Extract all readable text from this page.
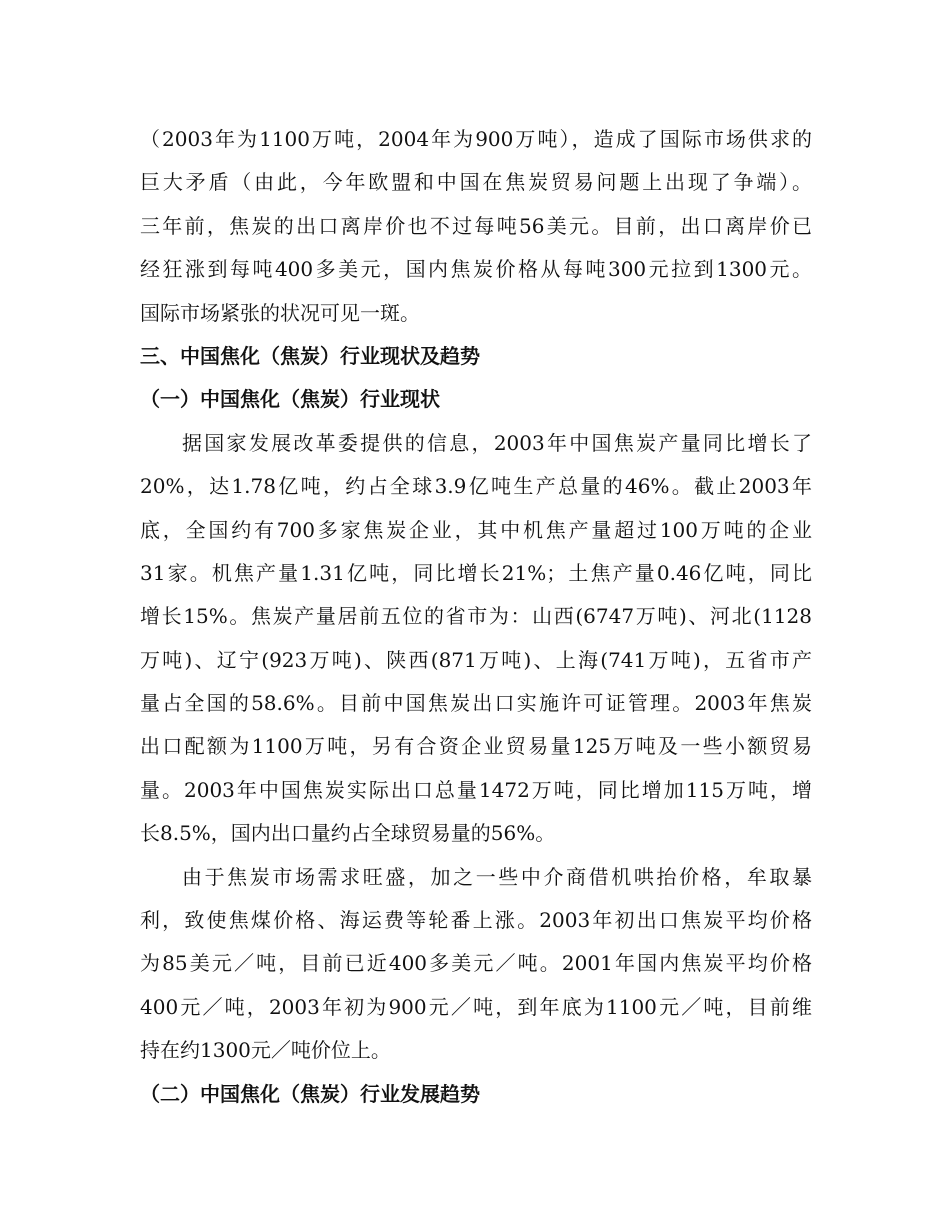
（2003年为1100万吨，2004年为900万吨），造成了国际市场供求的
巨大矛盾（由此，今年欧盟和中国在焦炭贸易问题上出现了争端）。
三年前，焦炭的出口离岸价也不过每吨56美元。目前，出口离岸价已
经狂涨到每吨400多美元，国内焦炭价格从每吨300元拉到1300元。
国际市场紧张的状况可见一斑。
三、中国焦化（焦炭）行业现状及趋势
（一）中国焦化（焦炭）行业现状
据国家发展改革委提供的信息，2003年中国焦炭产量同比增长了
20%，达1.78亿吨，约占全球3.9亿吨生产总量的46%。截止2003年
底，全国约有700多家焦炭企业，其中机焦产量超过100万吨的企业
31家。机焦产量1.31亿吨，同比增长21%；土焦产量0.46亿吨，同比
增长15%。焦炭产量居前五位的省市为：山西(6747万吨)、河北(1128
万吨)、辽宁(923万吨)、陕西(871万吨)、上海(741万吨)，五省市产
量占全国的58.6%。目前中国焦炭出口实施许可证管理。2003年焦炭
出口配额为1100万吨，另有合资企业贸易量125万吨及一些小额贸易
量。2003年中国焦炭实际出口总量1472万吨，同比增加115万吨，增
长8.5%，国内出口量约占全球贸易量的56%。
由于焦炭市场需求旺盛，加之一些中介商借机哄抬价格，牟取暴
利，致使焦煤价格、海运费等轮番上涨。2003年初出口焦炭平均价格
为85美元／吨，目前已近400多美元／吨。2001年国内焦炭平均价格
400元／吨，2003年初为900元／吨，到年底为1100元／吨，目前维
持在约1300元／吨价位上。
（二）中国焦化（焦炭）行业发展趋势
